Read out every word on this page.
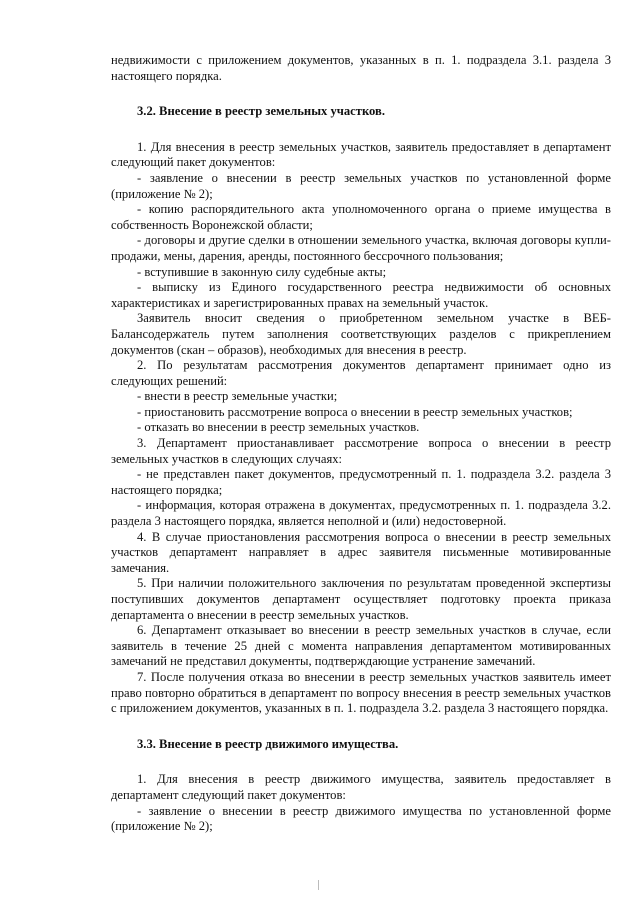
недвижимости с приложением документов, указанных в п. 1. подраздела 3.1. раздела 3 настоящего порядка.

3.2. Внесение в реестр земельных участков.

1. Для внесения в реестр земельных участков, заявитель предоставляет в департамент следующий пакет документов:

- заявление о внесении в реестр земельных участков по установленной форме (приложение № 2);

- копию распорядительного акта уполномоченного органа о приеме имущества в собственность Воронежской области;

- договоры и другие сделки в отношении земельного участка, включая договоры купли-продажи, мены, дарения, аренды, постоянного бессрочного пользования;

- вступившие в законную силу судебные акты;

- выписку из Единого государственного реестра недвижимости об основных характеристиках и зарегистрированных правах на земельный участок.

Заявитель вносит сведения о приобретенном земельном участке в ВЕБ-Балансодержатель путем заполнения соответствующих разделов с прикреплением документов (скан – образов), необходимых для внесения в реестр.

2. По результатам рассмотрения документов департамент принимает одно из следующих решений:

- внести в реестр земельные участки;

- приостановить рассмотрение вопроса о внесении в реестр земельных участков;

- отказать во внесении в реестр земельных участков.

3. Департамент приостанавливает рассмотрение вопроса о внесении в реестр земельных участков в следующих случаях:

- не представлен пакет документов, предусмотренный п. 1. подраздела 3.2. раздела 3 настоящего порядка;

- информация, которая отражена в документах, предусмотренных п. 1. подраздела 3.2. раздела 3 настоящего порядка, является неполной и (или) недостоверной.

4. В случае приостановления рассмотрения вопроса о внесении в реестр земельных участков департамент направляет в адрес заявителя письменные мотивированные замечания.

5. При наличии положительного заключения по результатам проведенной экспертизы поступивших документов департамент осуществляет подготовку проекта приказа департамента о внесении в реестр земельных участков.

6. Департамент отказывает во внесении в реестр земельных участков в случае, если заявитель в течение 25 дней с момента направления департаментом мотивированных замечаний не представил документы, подтверждающие устранение замечаний.

7. После получения отказа во внесении в реестр земельных участков заявитель имеет право повторно обратиться в департамент по вопросу внесения в реестр земельных участков с приложением документов, указанных в п. 1. подраздела 3.2. раздела 3 настоящего порядка.

3.3. Внесение в реестр движимого имущества.

1. Для внесения в реестр движимого имущества, заявитель предоставляет в департамент следующий пакет документов:

- заявление о внесении в реестр движимого имущества по установленной форме (приложение № 2);
